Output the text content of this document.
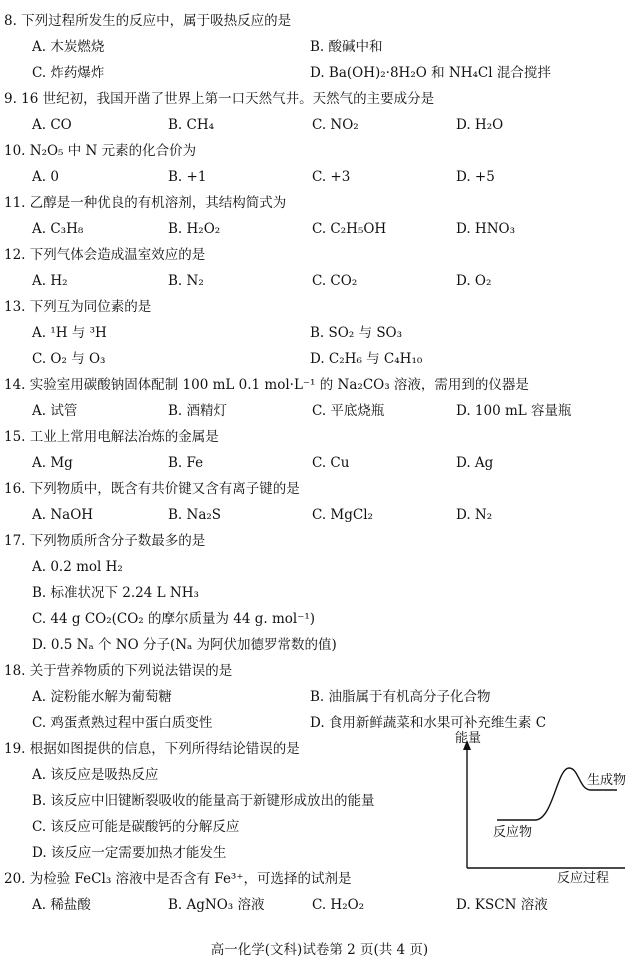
8. 下列过程所发生的反应中，属于吸热反应的是
A. 木炭燃烧	B. 酸碱中和
C. 炸药爆炸	D. Ba(OH)₂·8H₂O 和 NH₄Cl 混合搅拌
9. 16 世纪初，我国开凿了世界上第一口天然气井。天然气的主要成分是
A. CO	B. CH₄	C. NO₂	D. H₂O
10. N₂O₅ 中 N 元素的化合价为
A. 0	B. +1	C. +3	D. +5
11. 乙醇是一种优良的有机溶剂，其结构简式为
A. C₃H₈	B. H₂O₂	C. C₂H₅OH	D. HNO₃
12. 下列气体会造成温室效应的是
A. H₂	B. N₂	C. CO₂	D. O₂
13. 下列互为同位素的是
A. ¹H 与 ³H	B. SO₂ 与 SO₃
C. O₂ 与 O₃	D. C₂H₆ 与 C₄H₁₀
14. 实验室用碳酸钠固体配制 100 mL 0.1 mol·L⁻¹ 的 Na₂CO₃ 溶液，需用到的仪器是
A. 试管	B. 酒精灯	C. 平底烧瓶	D. 100 mL 容量瓶
15. 工业上常用电解法冶炼的金属是
A. Mg	B. Fe	C. Cu	D. Ag
16. 下列物质中，既含有共价键又含有离子键的是
A. NaOH	B. Na₂S	C. MgCl₂	D. N₂
17. 下列物质所含分子数最多的是
A. 0.2 mol H₂
B. 标准状况下 2.24 L NH₃
C. 44 g CO₂(CO₂ 的摩尔质量为 44 g. mol⁻¹)
D. 0.5 Nₐ 个 NO 分子(Nₐ 为阿伏加德罗常数的值)
18. 关于营养物质的下列说法错误的是
A. 淀粉能水解为葡萄糖	B. 油脂属于有机高分子化合物
C. 鸡蛋煮熟过程中蛋白质变性	D. 食用新鲜蔬菜和水果可补充维生素 C
19. 根据如图提供的信息，下列所得结论错误的是
A. 该反应是吸热反应
B. 该反应中旧键断裂吸收的能量高于新键形成放出的能量
C. 该反应可能是碳酸钙的分解反应
D. 该反应一定需要加热才能发生
20. 为检验 FeCl₃ 溶液中是否含有 Fe³⁺，可选择的试剂是
A. 稀盐酸	B. AgNO₃ 溶液	C. H₂O₂	D. KSCN 溶液
能量
生成物
反应物
反应过程
高一化学(文科)试卷第 2 页(共 4 页)
